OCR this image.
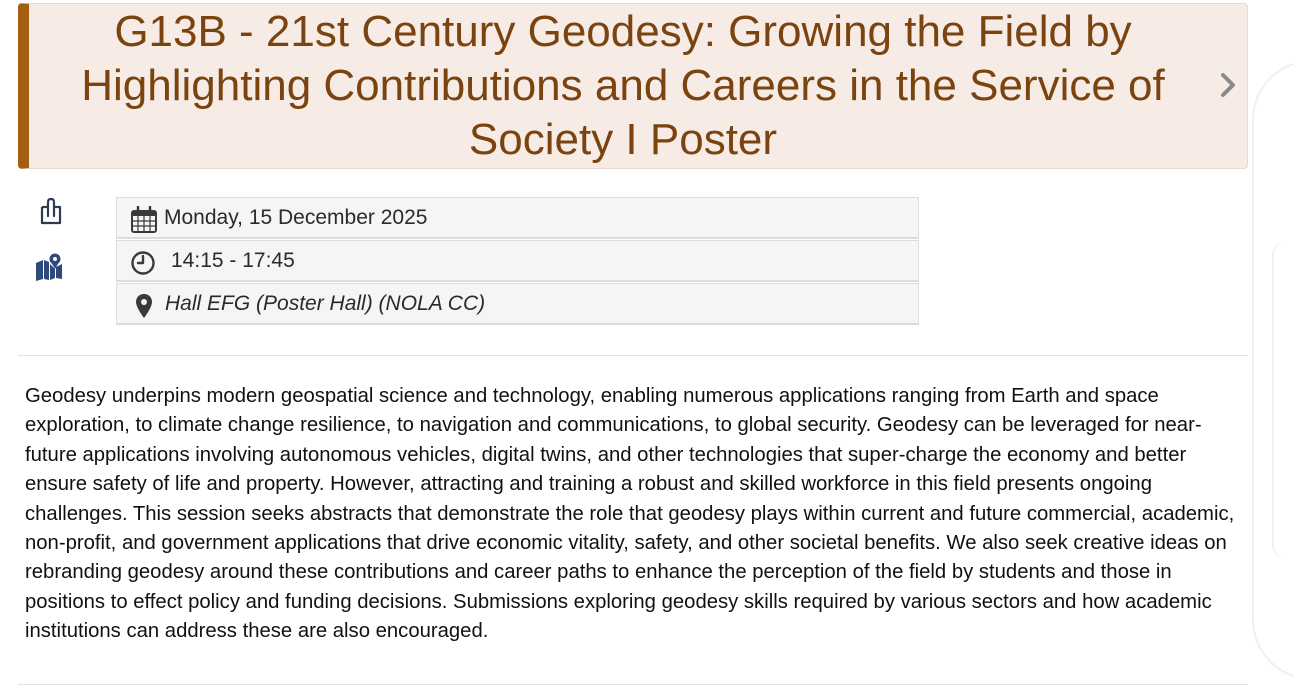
G13B - 21st Century Geodesy: Growing the Field by Highlighting Contributions and Careers in the Service of Society I Poster
Monday, 15 December 2025
14:15 - 17:45
Hall EFG (Poster Hall) (NOLA CC)

Geodesy underpins modern geospatial science and technology, enabling numerous applications ranging from Earth and space exploration, to climate change resilience, to navigation and communications, to global security. Geodesy can be leveraged for near-future applications involving autonomous vehicles, digital twins, and other technologies that super-charge the economy and better ensure safety of life and property. However, attracting and training a robust and skilled workforce in this field presents ongoing challenges. This session seeks abstracts that demonstrate the role that geodesy plays within current and future commercial, academic, non-profit, and government applications that drive economic vitality, safety, and other societal benefits. We also seek creative ideas on rebranding geodesy around these contributions and career paths to enhance the perception of the field by students and those in positions to effect policy and funding decisions. Submissions exploring geodesy skills required by various sectors and how academic institutions can address these are also encouraged.
